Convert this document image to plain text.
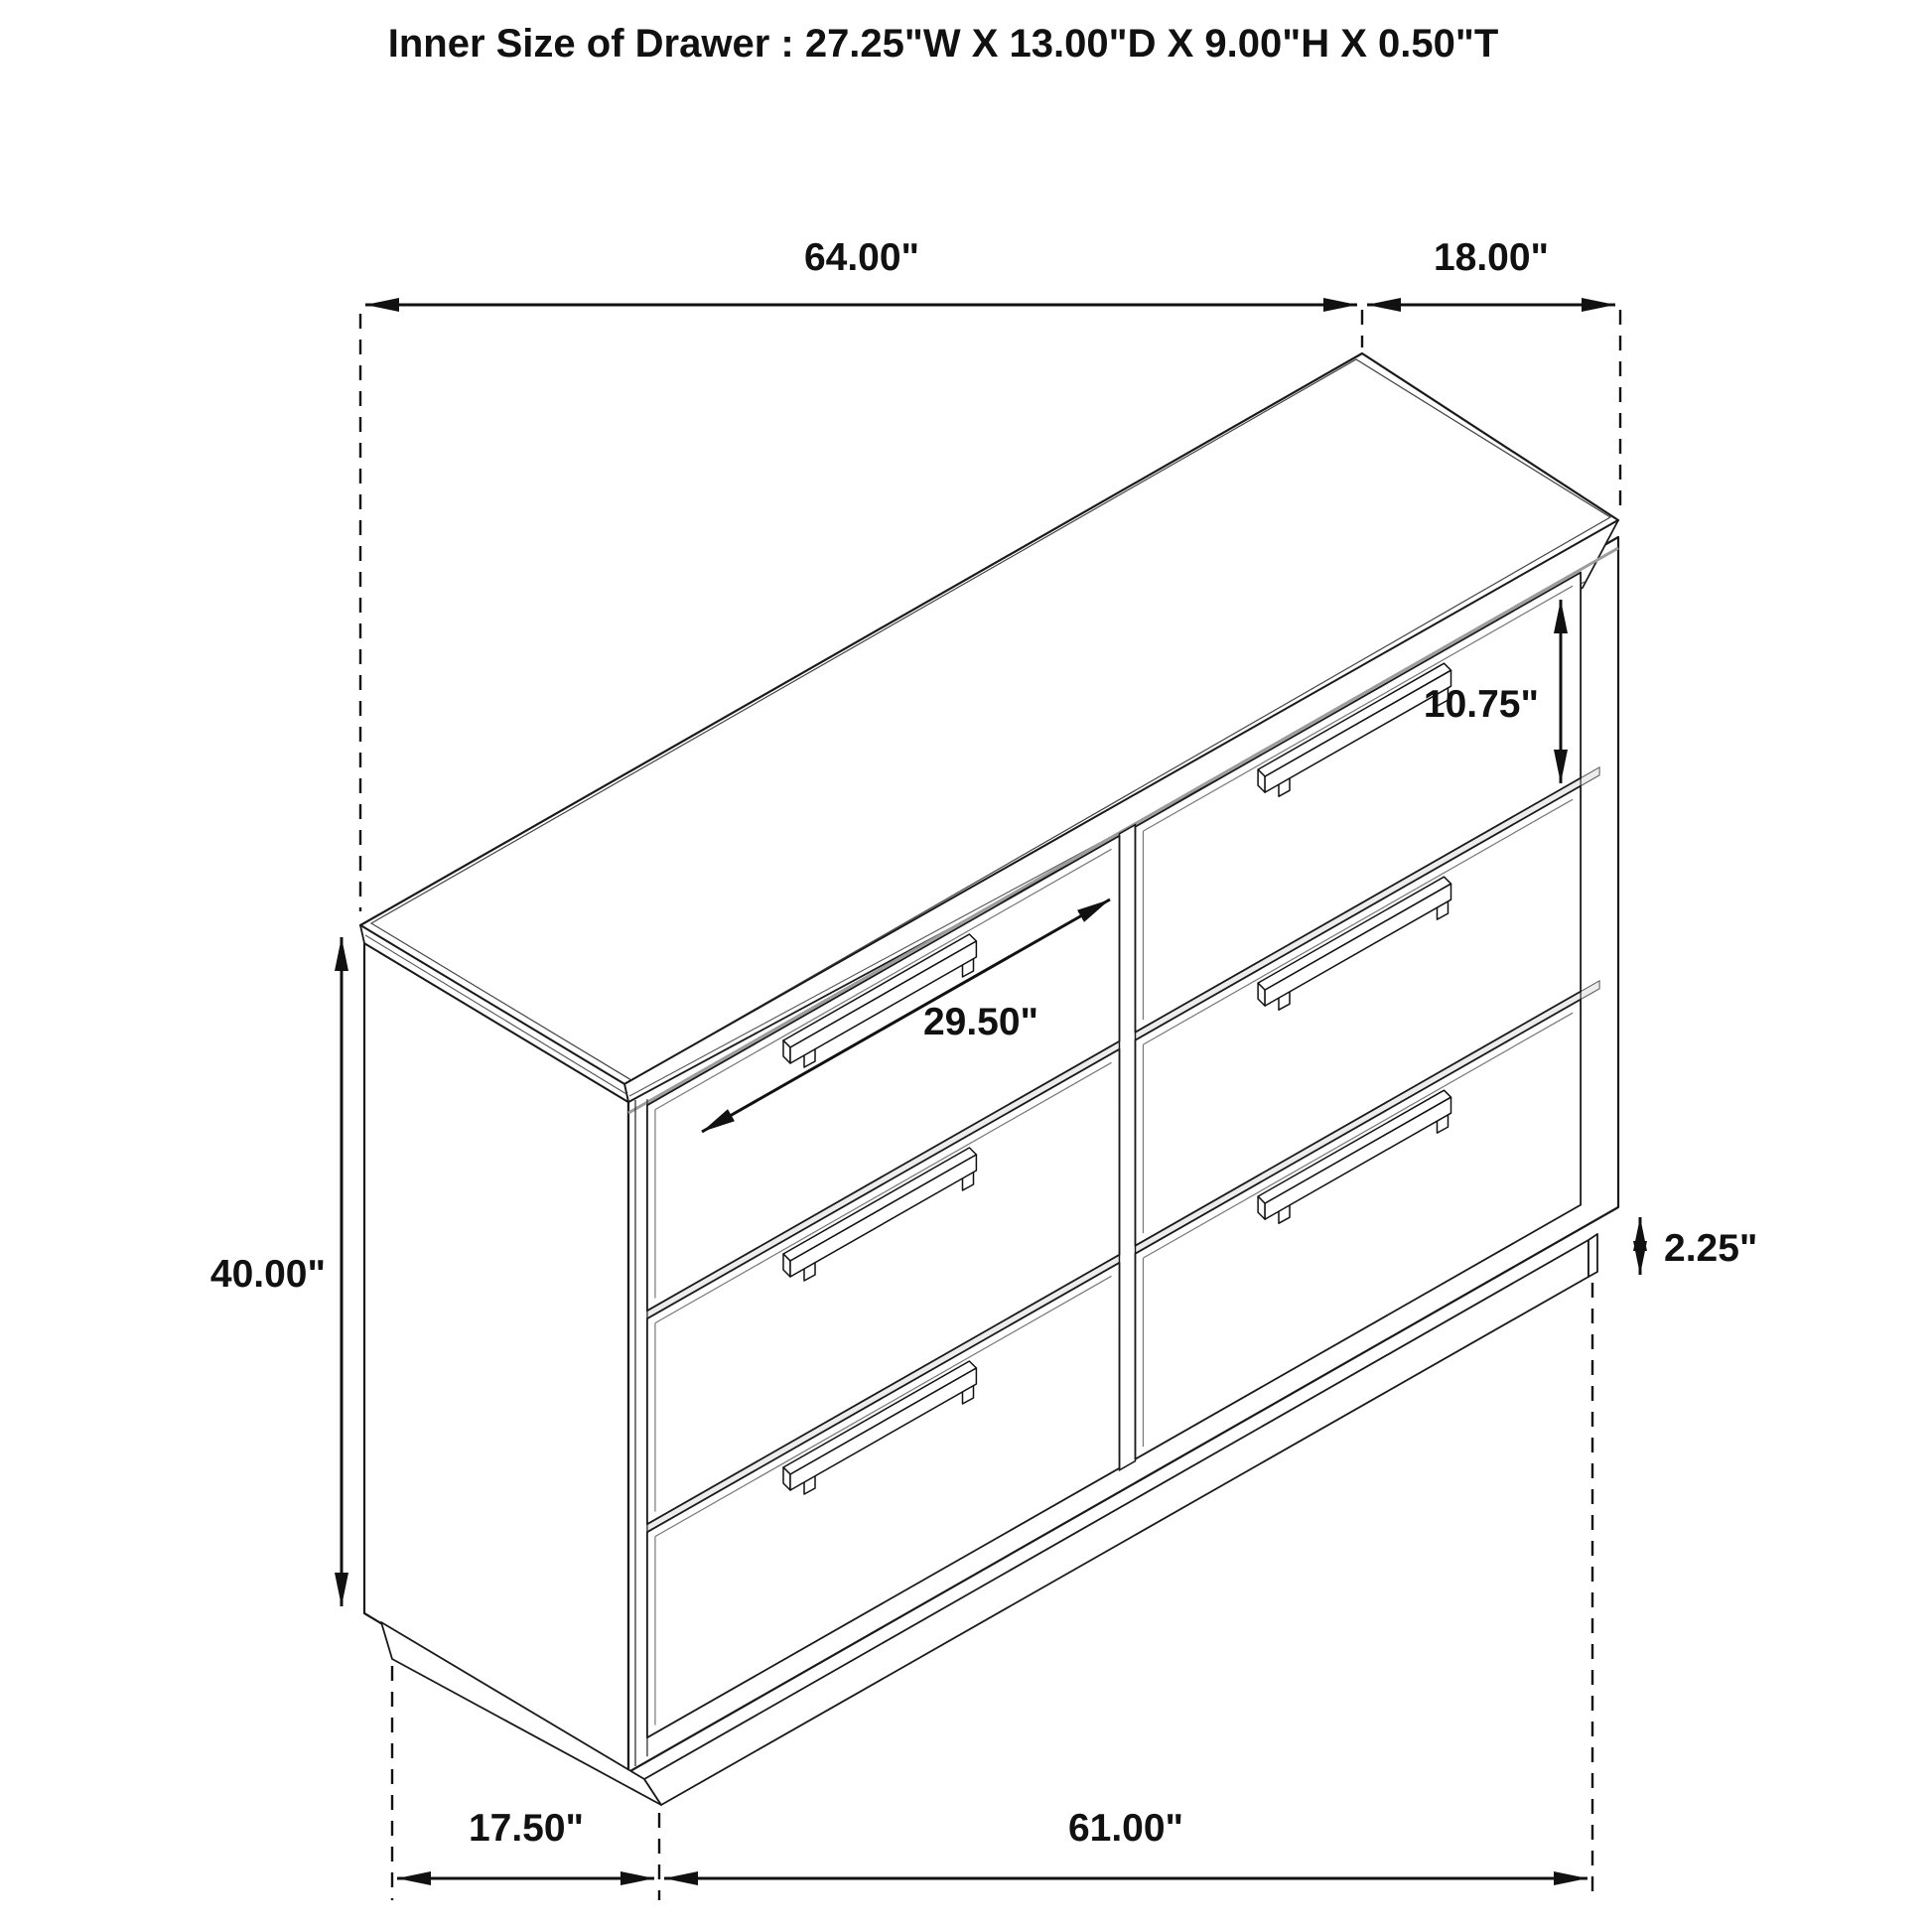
Inner Size of Drawer : 27.25"W X 13.00"D X 9.00"H X 0.50"T
64.00"	18.00"
10.75"
29.50"
40.00"
2.25"
17.50"	61.00"
